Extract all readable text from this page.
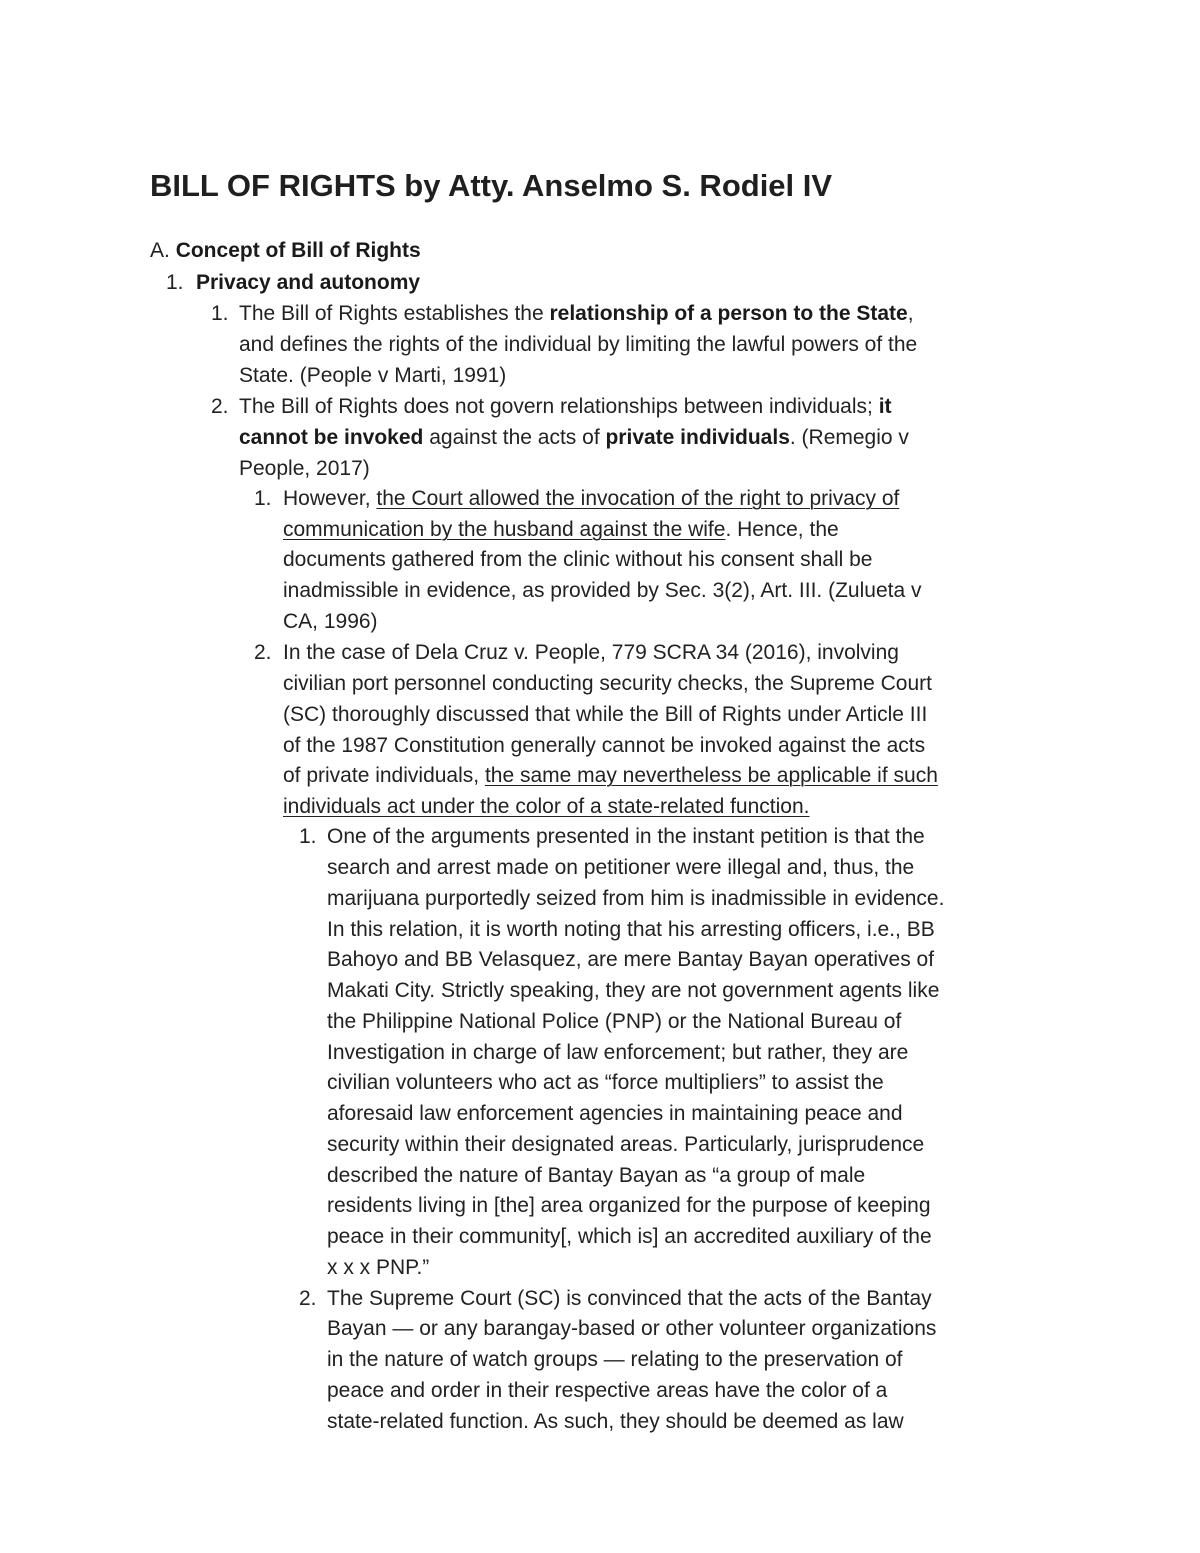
BILL OF RIGHTS by Atty. Anselmo S. Rodiel IV
A. Concept of Bill of Rights
1. Privacy and autonomy
1. The Bill of Rights establishes the relationship of a person to the State,
and defines the rights of the individual by limiting the lawful powers of the
State. (People v Marti, 1991)
2. The Bill of Rights does not govern relationships between individuals; it
cannot be invoked against the acts of private individuals. (Remegio v
People, 2017)
1. However, the Court allowed the invocation of the right to privacy of
communication by the husband against the wife. Hence, the
documents gathered from the clinic without his consent shall be
inadmissible in evidence, as provided by Sec. 3(2), Art. III. (Zulueta v
CA, 1996)
2. In the case of Dela Cruz v. People, 779 SCRA 34 (2016), involving
civilian port personnel conducting security checks, the Supreme Court
(SC) thoroughly discussed that while the Bill of Rights under Article III
of the 1987 Constitution generally cannot be invoked against the acts
of private individuals, the same may nevertheless be applicable if such
individuals act under the color of a state-related function.
1. One of the arguments presented in the instant petition is that the
search and arrest made on petitioner were illegal and, thus, the
marijuana purportedly seized from him is inadmissible in evidence.
In this relation, it is worth noting that his arresting officers, i.e., BB
Bahoyo and BB Velasquez, are mere Bantay Bayan operatives of
Makati City. Strictly speaking, they are not government agents like
the Philippine National Police (PNP) or the National Bureau of
Investigation in charge of law enforcement; but rather, they are
civilian volunteers who act as “force multipliers” to assist the
aforesaid law enforcement agencies in maintaining peace and
security within their designated areas. Particularly, jurisprudence
described the nature of Bantay Bayan as “a group of male
residents living in [the] area organized for the purpose of keeping
peace in their community[, which is] an accredited auxiliary of the
x x x PNP.”
2. The Supreme Court (SC) is convinced that the acts of the Bantay
Bayan — or any barangay-based or other volunteer organizations
in the nature of watch groups — relating to the preservation of
peace and order in their respective areas have the color of a
state-related function. As such, they should be deemed as law
